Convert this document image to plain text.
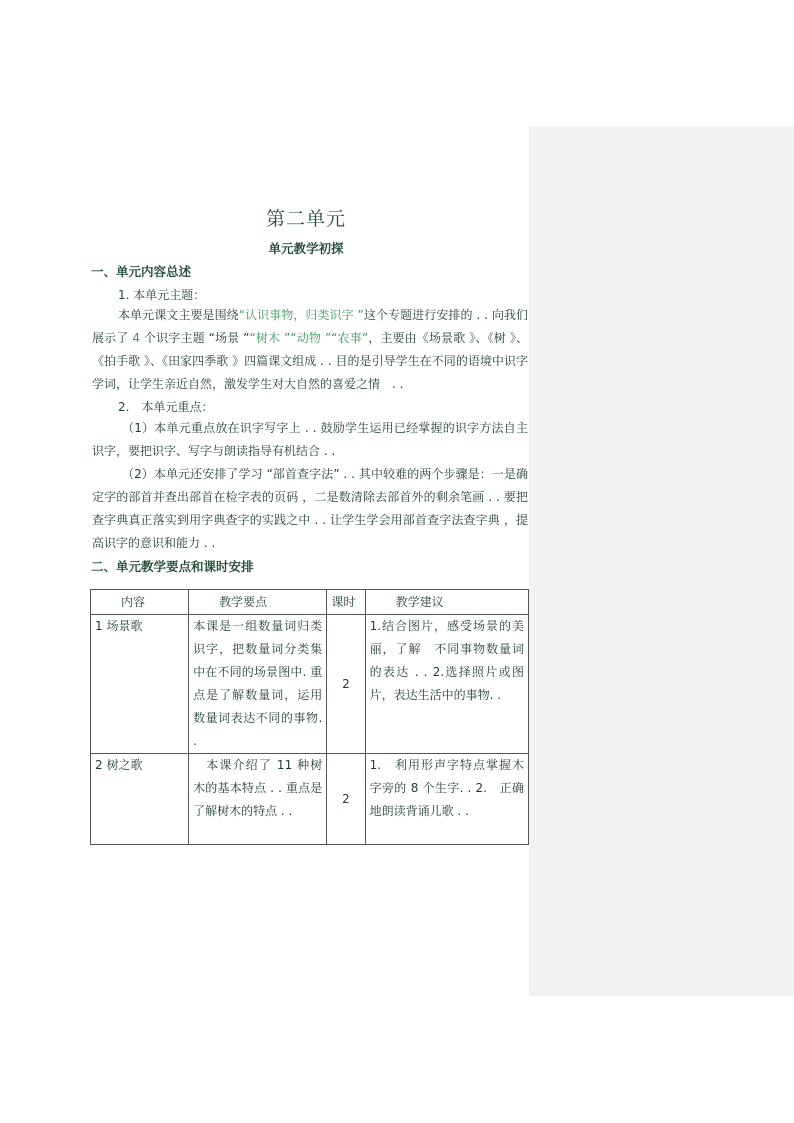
第二单元
单元教学初探
一、单元内容总述
1. 本单元主题：

本单元课文主要是围绕“认识事物，归类识字 ”这个专题进行安排的 . . 向我们展示了 4 个识字主题 “场景 ”“树木 ”“动物 ”“农事”，主要由《场景歌 》、《树 》、《拍手歌 》、《田家四季歌 》四篇课文组成 . . 目的是引导学生在不同的语境中识字学词，让学生亲近自然，激发学生对大自然的喜爱之情　. .

2.　本单元重点：

（1）本单元重点放在识字写字上 . . 鼓励学生运用已经掌握的识字方法自主识字，要把识字、写字与朗读指导有机结合 . .

（2）本单元还安排了学习 “部首查字法” . . 其中较难的两个步骤是：一是确定字的部首并查出部首在检字表的页码 ，二是数清除去部首外的剩余笔画 . . 要把查字典真正落实到用字典查字的实践之中 . . 让学生学会用部首查字法查字典 ，提高识字的意识和能力 . .

二、单元教学要点和课时安排
内容	教学要点	课时	教学建议
1 场景歌	本课是一组数量词归类识字，把数量词分类集中在不同的场景图中. 重点是了解数量词，运用数量词表达不同的事物. .	2	1.结合图片，感受场景的美丽，了解　不同事物数量词的表达 . . 2.选择照片或图片，表达生活中的事物. .
2 树之歌	　本课介绍了 11 种树木的基本特点 . . 重点是了解树木的特点 . .	2	1.　利用形声字特点掌握木字旁的 8 个生字. . 2.　正确地朗读背诵儿歌 . .
